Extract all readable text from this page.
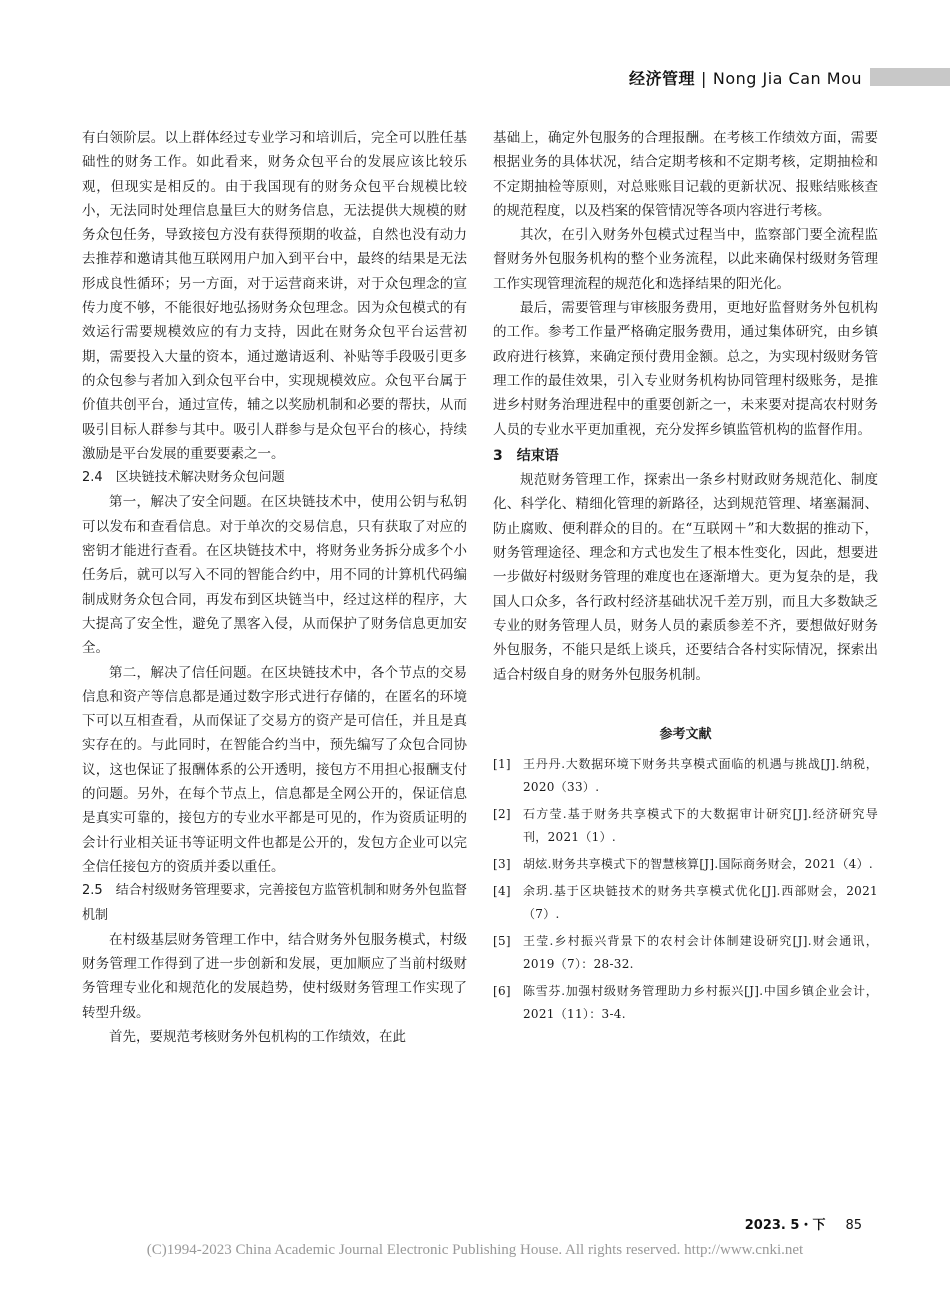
经济管理 | Nong Jia Can Mou

有白领阶层。以上群体经过专业学习和培训后，完全可以胜任基础性的财务工作。如此看来，财务众包平台的发展应该比较乐观，但现实是相反的。由于我国现有的财务众包平台规模比较小，无法同时处理信息量巨大的财务信息，无法提供大规模的财务众包任务，导致接包方没有获得预期的收益，自然也没有动力去推荐和邀请其他互联网用户加入到平台中，最终的结果是无法形成良性循环；另一方面，对于运营商来讲，对于众包理念的宣传力度不够，不能很好地弘扬财务众包理念。因为众包模式的有效运行需要规模效应的有力支持，因此在财务众包平台运营初期，需要投入大量的资本，通过邀请返利、补贴等手段吸引更多的众包参与者加入到众包平台中，实现规模效应。众包平台属于价值共创平台，通过宣传，辅之以奖励机制和必要的帮扶，从而吸引目标人群参与其中。吸引人群参与是众包平台的核心，持续激励是平台发展的重要要素之一。

2.4　区块链技术解决财务众包问题

第一，解决了安全问题。在区块链技术中，使用公钥与私钥可以发布和查看信息。对于单次的交易信息，只有获取了对应的密钥才能进行查看。在区块链技术中，将财务业务拆分成多个小任务后，就可以写入不同的智能合约中，用不同的计算机代码编制成财务众包合同，再发布到区块链当中，经过这样的程序，大大提高了安全性，避免了黑客入侵，从而保护了财务信息更加安全。

第二，解决了信任问题。在区块链技术中，各个节点的交易信息和资产等信息都是通过数字形式进行存储的，在匿名的环境下可以互相查看，从而保证了交易方的资产是可信任，并且是真实存在的。与此同时，在智能合约当中，预先编写了众包合同协议，这也保证了报酬体系的公开透明，接包方不用担心报酬支付的问题。另外，在每个节点上，信息都是全网公开的，保证信息是真实可靠的，接包方的专业水平都是可见的，作为资质证明的会计行业相关证书等证明文件也都是公开的，发包方企业可以完全信任接包方的资质并委以重任。

2.5　结合村级财务管理要求，完善接包方监管机制和财务外包监督机制

在村级基层财务管理工作中，结合财务外包服务模式，村级财务管理工作得到了进一步创新和发展，更加顺应了当前村级财务管理专业化和规范化的发展趋势，使村级财务管理工作实现了转型升级。

首先，要规范考核财务外包机构的工作绩效，在此

基础上，确定外包服务的合理报酬。在考核工作绩效方面，需要根据业务的具体状况，结合定期考核和不定期考核，定期抽检和不定期抽检等原则，对总账账目记载的更新状况、报账结账核查的规范程度，以及档案的保管情况等各项内容进行考核。

其次，在引入财务外包模式过程当中，监察部门要全流程监督财务外包服务机构的整个业务流程，以此来确保村级财务管理工作实现管理流程的规范化和选择结果的阳光化。

最后，需要管理与审核服务费用，更地好监督财务外包机构的工作。参考工作量严格确定服务费用，通过集体研究，由乡镇政府进行核算，来确定预付费用金额。总之，为实现村级财务管理工作的最佳效果，引入专业财务机构协同管理村级账务，是推进乡村财务治理进程中的重要创新之一，未来要对提高农村财务人员的专业水平更加重视，充分发挥乡镇监管机构的监督作用。

3　结束语

规范财务管理工作，探索出一条乡村财政财务规范化、制度化、科学化、精细化管理的新路径，达到规范管理、堵塞漏洞、防止腐败、便利群众的目的。在“互联网＋”和大数据的推动下，财务管理途径、理念和方式也发生了根本性变化，因此，想要进一步做好村级财务管理的难度也在逐渐增大。更为复杂的是，我国人口众多，各行政村经济基础状况千差万别，而且大多数缺乏专业的财务管理人员，财务人员的素质参差不齐，要想做好财务外包服务，不能只是纸上谈兵，还要结合各村实际情况，探索出适合村级自身的财务外包服务机制。

参考文献
[1]	王丹丹.大数据环境下财务共享模式面临的机遇与挑战[J].纳税，2020（33）.
[2]	石方莹.基于财务共享模式下的大数据审计研究[J].经济研究导刊，2021（1）.
[3]	胡炫.财务共享模式下的智慧核算[J].国际商务财会，2021（4）.
[4]	余玥.基于区块链技术的财务共享模式优化[J].西部财会，2021（7）.
[5]	王莹.乡村振兴背景下的农村会计体制建设研究[J].财会通讯，2019（7）：28-32.
[6]	陈雪芬.加强村级财务管理助力乡村振兴[J].中国乡镇企业会计，2021（11）：3-4.
2023. 5・下 85
(C)1994-2023 China Academic Journal Electronic Publishing House. All rights reserved. http://www.cnki.net
